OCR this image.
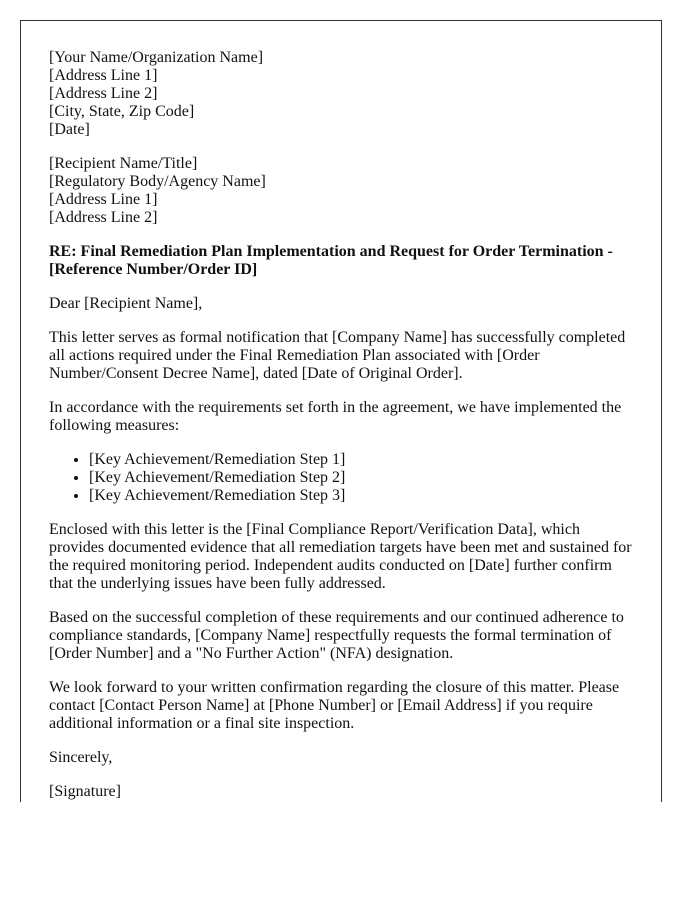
[Your Name/Organization Name]

[Address Line 1]

[Address Line 2]

[City, State, Zip Code]

[Date]

[Recipient Name/Title]

[Regulatory Body/Agency Name]

[Address Line 1]

[Address Line 2]

RE: Final Remediation Plan Implementation and Request for Order Termination - [Reference Number/Order ID]

Dear [Recipient Name],

This letter serves as formal notification that [Company Name] has successfully completed all actions required under the Final Remediation Plan associated with [Order Number/Consent Decree Name], dated [Date of Original Order].

In accordance with the requirements set forth in the agreement, we have implemented the following measures:

• [Key Achievement/Remediation Step 1]
• [Key Achievement/Remediation Step 2]
• [Key Achievement/Remediation Step 3]

Enclosed with this letter is the [Final Compliance Report/Verification Data], which provides documented evidence that all remediation targets have been met and sustained for the required monitoring period. Independent audits conducted on [Date] further confirm that the underlying issues have been fully addressed.

Based on the successful completion of these requirements and our continued adherence to compliance standards, [Company Name] respectfully requests the formal termination of [Order Number] and a "No Further Action" (NFA) designation.

We look forward to your written confirmation regarding the closure of this matter. Please contact [Contact Person Name] at [Phone Number] or [Email Address] if you require additional information or a final site inspection.

Sincerely,

[Signature]
